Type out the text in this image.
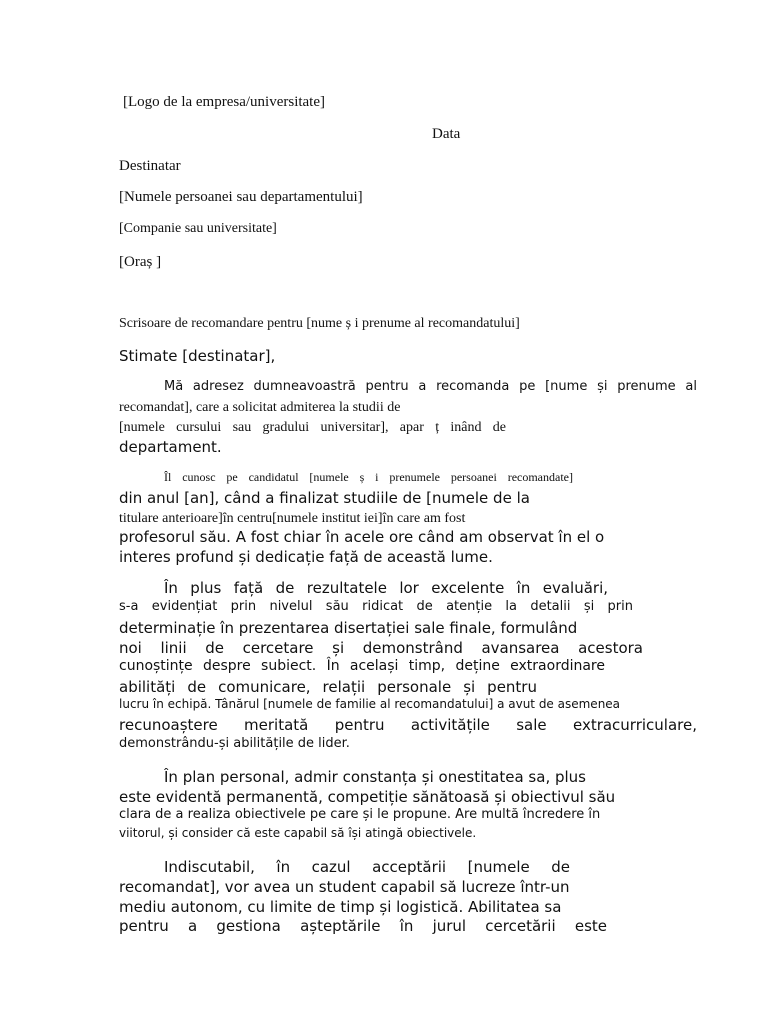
[Logo de la empresa/universitate]
Data
Destinatar
[Numele persoanei sau departamentului]
[Companie sau universitate]
[Oraș ]
Scrisoare de recomandare pentru [nume ș i prenume al recomandatului]
Stimate [destinatar],
Mă adresez dumneavoastră pentru a recomanda pe [nume și prenume al
recomandat], care a solicitat admiterea la studii de
[numele cursului sau gradului universitar], apar ț inând de
departament.
Îl cunosc pe candidatul [numele ș i prenumele persoanei recomandate]
din anul [an], când a finalizat studiile de [numele de la
titulare anterioare]în centru[numele institut iei]în care am fost
profesorul său. A fost chiar în acele ore când am observat în el o
interes profund și dedicație față de această lume.
În plus față de rezultatele lor excelente în evaluări,
s-a evidențiat prin nivelul său ridicat de atenție la detalii și prin
determinație în prezentarea disertației sale finale, formulând
noi linii de cercetare și demonstrând avansarea acestora
cunoștințe despre subiect. În același timp, deține extraordinare
abilități de comunicare, relații personale și pentru
lucru în echipă. Tânărul [numele de familie al recomandatului] a avut de asemenea
recunoaștere meritată pentru activitățile sale extracurriculare,
demonstrându-și abilitățile de lider.
În plan personal, admir constanța și onestitatea sa, plus
este evidentă permanentă, competiție sănătoasă și obiectivul său
clara de a realiza obiectivele pe care și le propune. Are multă încredere în
viitorul, și consider că este capabil să își atingă obiectivele.
Indiscutabil, în cazul acceptării [numele de
recomandat], vor avea un student capabil să lucreze într-un
mediu autonom, cu limite de timp și logistică. Abilitatea sa
pentru a gestiona așteptările în jurul cercetării este
